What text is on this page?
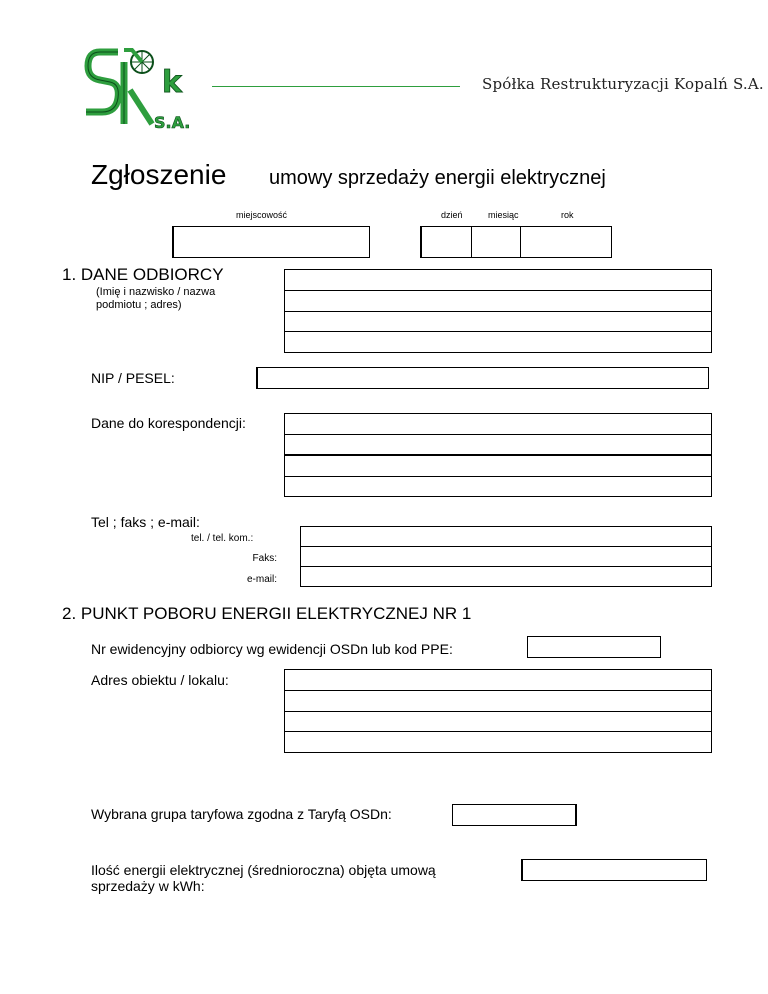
k
S.A.
Spółka Restrukturyzacji Kopalń S.A.
Zgłoszenie umowy sprzedaży energii elektrycznej
miejscowość	dzień	miesiąc	rok
1. DANE ODBIORCY
(Imię i nazwisko / nazwa podmiotu ; adres)
NIP / PESEL:
Dane do korespondencji:
Tel ; faks ; e-mail:
tel. / tel. kom.:
Faks:
e-mail:
2. PUNKT POBORU ENERGII ELEKTRYCZNEJ NR 1
Nr ewidencyjny odbiorcy wg ewidencji OSDn lub kod PPE:
Adres obiektu / lokalu:
Wybrana grupa taryfowa zgodna z Taryfą OSDn:
Ilość energii elektrycznej (średnioroczna) objęta umową
sprzedaży w kWh:
